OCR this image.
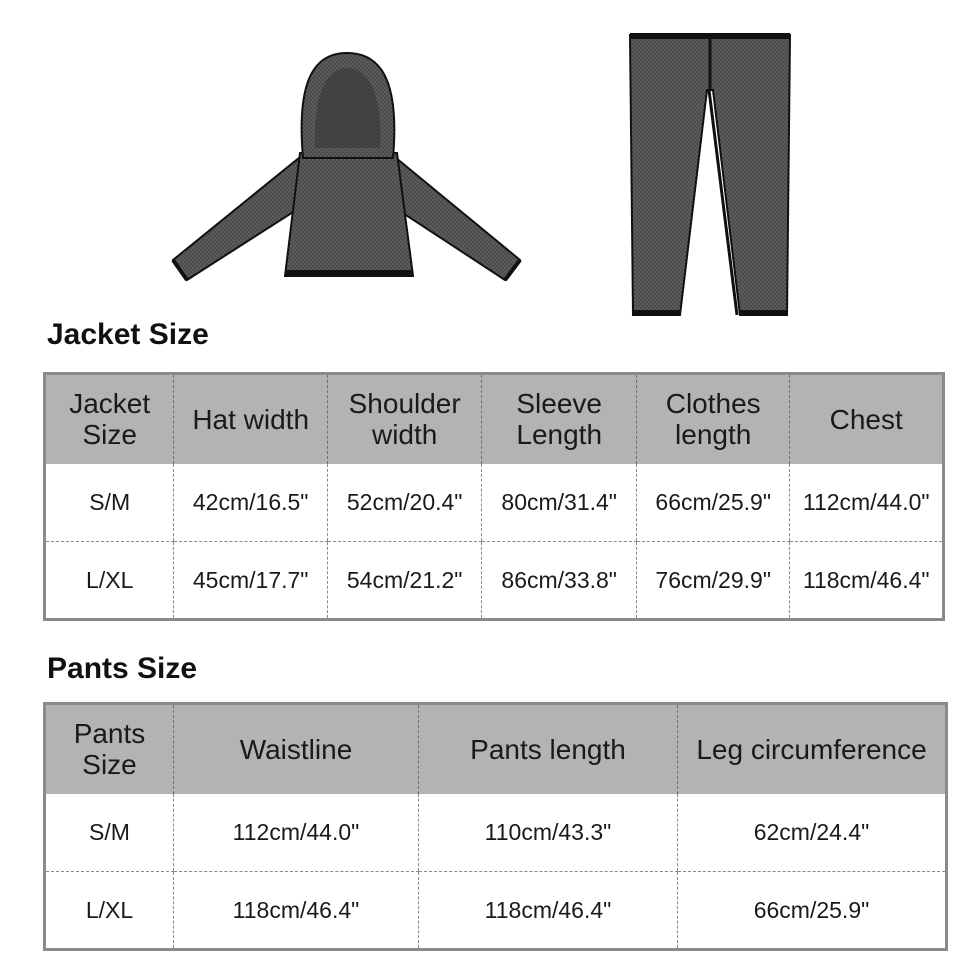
Jacket Size
Jacket Size	Hat width	Shoulder width	Sleeve Length	Clothes length	Chest
S/M	42cm/16.5"	52cm/20.4"	80cm/31.4"	66cm/25.9"	112cm/44.0"
L/XL	45cm/17.7"	54cm/21.2"	86cm/33.8"	76cm/29.9"	118cm/46.4"
Pants Size
Pants Size	Waistline	Pants length	Leg circumference
S/M	112cm/44.0"	110cm/43.3"	62cm/24.4"
L/XL	118cm/46.4"	118cm/46.4"	66cm/25.9"
